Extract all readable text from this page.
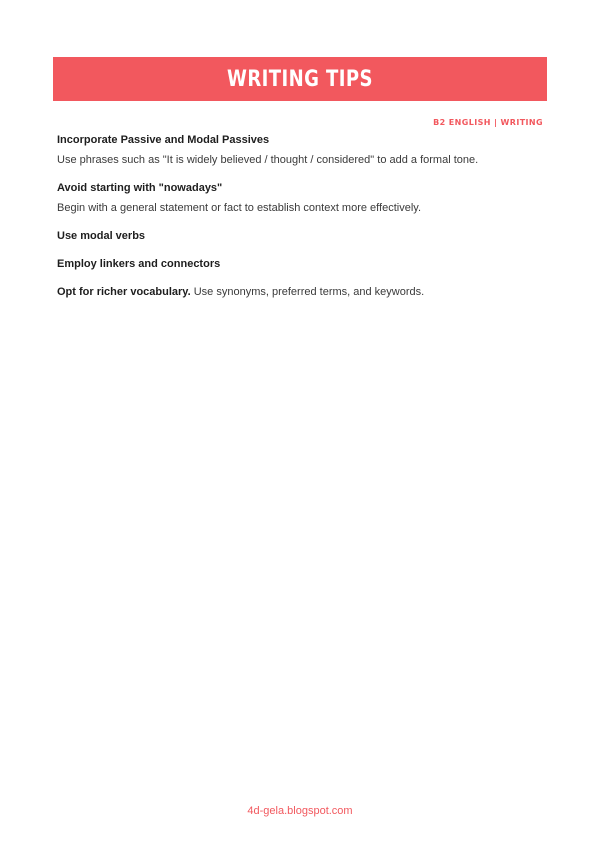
WRITING TIPS
B2 ENGLISH | WRITING

Incorporate Passive and Modal Passives

Use phrases such as "It is widely believed / thought / considered" to add a formal tone.

Avoid starting with "nowadays"

Begin with a general statement or fact to establish context more effectively.

Use modal verbs

Employ linkers and connectors

Opt for richer vocabulary. Use synonyms, preferred terms, and keywords.

4d-gela.blogspot.com
